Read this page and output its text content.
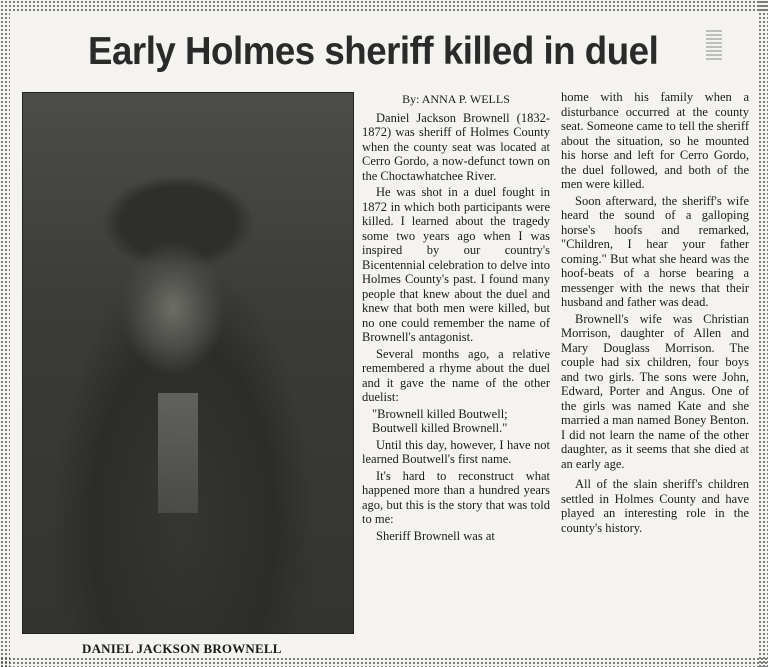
Early Holmes sheriff killed in duel
DANIEL JACKSON BROWNELL
By: ANNA P. WELLS

Daniel Jackson Brownell (1832-1872) was sheriff of Holmes County when the county seat was located at Cerro Gordo, a now-defunct town on the Choctawhatchee River.

He was shot in a duel fought in 1872 in which both participants were killed. I learned about the tragedy some two years ago when I was inspired by our country's Bicentennial celebration to delve into Holmes County's past. I found many people that knew about the duel and knew that both men were killed, but no one could remember the name of Brownell's antagonist.

Several months ago, a relative remembered a rhyme about the duel and it gave the name of the other duelist:

"Brownell killed Boutwell;

Boutwell killed Brownell."

Until this day, however, I have not learned Boutwell's first name.

It's hard to reconstruct what happened more than a hundred years ago, but this is the story that was told to me:

Sheriff Brownell was at

home with his family when a disturbance occurred at the county seat. Someone came to tell the sheriff about the situation, so he mounted his horse and left for Cerro Gordo, the duel followed, and both of the men were killed.

Soon afterward, the sheriff's wife heard the sound of a galloping horse's hoofs and remarked, "Children, I hear your father coming." But what she heard was the hoof-beats of a horse bearing a messenger with the news that their husband and father was dead.

Brownell's wife was Christian Morrison, daughter of Allen and Mary Douglass Morrison. The couple had six children, four boys and two girls. The sons were John, Edward, Porter and Angus. One of the girls was named Kate and she married a man named Boney Benton. I did not learn the name of the other daughter, as it seems that she died at an early age.

All of the slain sheriff's children settled in Holmes County and have played an interesting role in the county's history.
